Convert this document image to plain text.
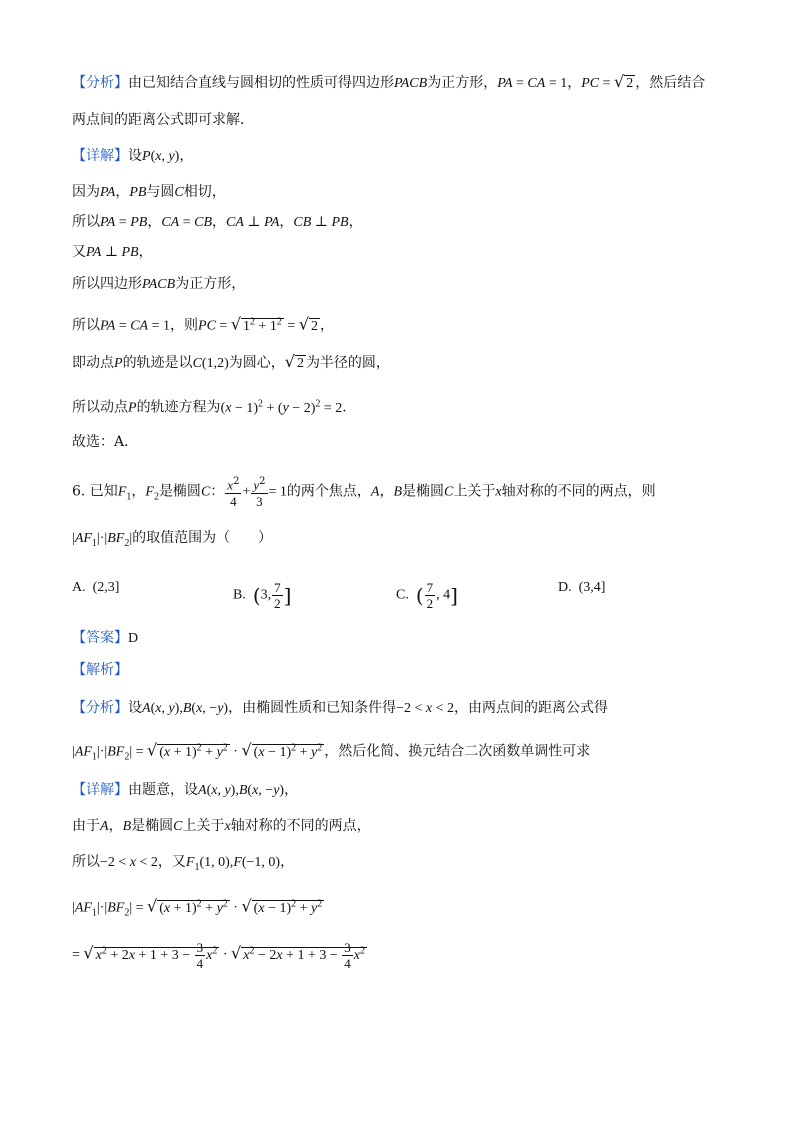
【分析】由已知结合直线与圆相切的性质可得四边形PACB为正方形，PA = CA = 1，PC = √ 2 ，然后结合
两点间的距离公式即可求解．
【详解】设P(x, y)，
因为PA，PB与圆C相切，
所以PA = PB，CA = CB，CA ⊥ PA，CB ⊥ PB，
又PA ⊥ PB，
所以四边形PACB为正方形，
所以PA = CA = 1，则PC = √ $1^2 + 1^2$ = √ 2 ，
即动点P的轨迹是以C(1,2)为圆心，√ 2 为半径的圆，
所以动点P的轨迹方程为$(x - 1)^2 + (y - 2)^2 = 2$．
故选：A．
6. 已知$F_1$，$F_2$是椭圆C： $\frac{x^2}{4} + \frac{y^2}{3} = 1$的两个焦点，A，B是椭圆C上关于x轴对称的不同的两点，则
$|AF_1|\cdot|BF_2|$的取值范围为（　　）
A. (2,3]
B. (3, $\frac{7}{2}$ ]	C. ( $\frac{7}{2}$ , 4]	D. (3,4]
【答案】D
【解析】
【分析】设A(x, y),B(x, −y)，由椭圆性质和已知条件得−2 < x < 2，由两点间的距离公式得
$|AF_1|\cdot|BF_2|$ = √ $(x + 1)^2 + y^2$ · √ $(x - 1)^2 + y^2$ ，然后化简、换元结合二次函数单调性可求
【详解】由题意，设A(x, y),B(x, −y)，
由于A，B是椭圆C上关于x轴对称的不同的两点，
所以−2 < x < 2，又$F_1(1$, 0),F(−1, 0)，
$|AF_1|\cdot|BF_2|$ = √ $(x + 1)^2 + y^2$ · √ $(x - 1)^2 + y^2$
= √ $x^2 + 2x + 1 + 3 - \frac{3}{4} x^2$ · √ $x^2 - 2x + 1 + 3 - \frac{3}{4} x^2$
